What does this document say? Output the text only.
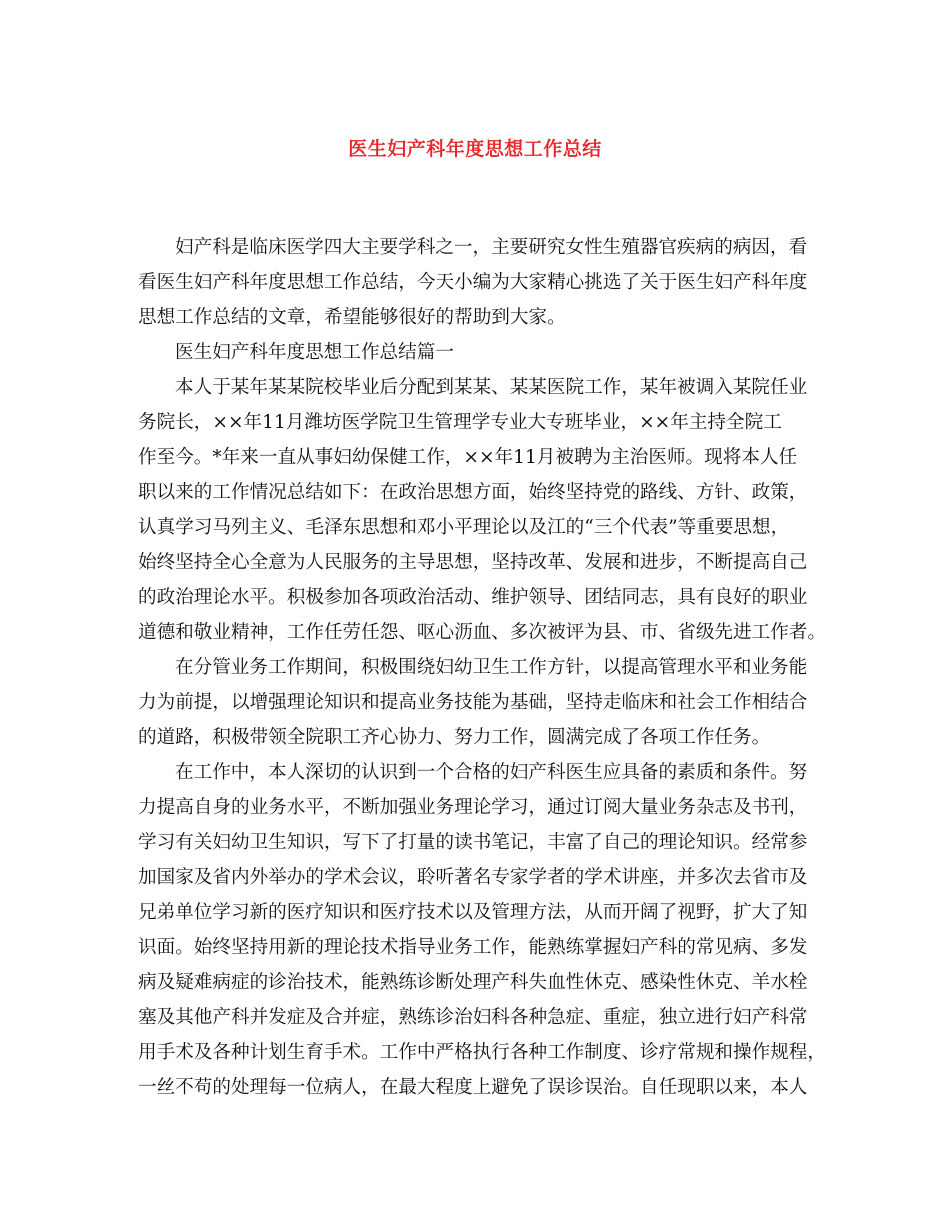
医生妇产科年度思想工作总结

妇产科是临床医学四大主要学科之一，主要研究女性生殖器官疾病的病因，看
看医生妇产科年度思想工作总结，今天小编为大家精心挑选了关于医生妇产科年度
思想工作总结的文章，希望能够很好的帮助到大家。

医生妇产科年度思想工作总结篇一

本人于某年某某院校毕业后分配到某某、某某医院工作，某年被调入某院任业
务院长，××年11月潍坊医学院卫生管理学专业大专班毕业，××年主持全院工
作至今。*年来一直从事妇幼保健工作，××年11月被聘为主治医师。现将本人任
职以来的工作情况总结如下：在政治思想方面，始终坚持党的路线、方针、政策，
认真学习马列主义、毛泽东思想和邓小平理论以及江的“三个代表”等重要思想，
始终坚持全心全意为人民服务的主导思想，坚持改革、发展和进步，不断提高自己
的政治理论水平。积极参加各项政治活动、维护领导、团结同志，具有良好的职业
道德和敬业精神，工作任劳任怨、呕心沥血、多次被评为县、市、省级先进工作者。

在分管业务工作期间，积极围绕妇幼卫生工作方针，以提高管理水平和业务能
力为前提，以增强理论知识和提高业务技能为基础，坚持走临床和社会工作相结合
的道路，积极带领全院职工齐心协力、努力工作，圆满完成了各项工作任务。

在工作中，本人深切的认识到一个合格的妇产科医生应具备的素质和条件。努
力提高自身的业务水平，不断加强业务理论学习，通过订阅大量业务杂志及书刊，
学习有关妇幼卫生知识，写下了打量的读书笔记，丰富了自己的理论知识。经常参
加国家及省内外举办的学术会议，聆听著名专家学者的学术讲座，并多次去省市及
兄弟单位学习新的医疗知识和医疗技术以及管理方法，从而开阔了视野，扩大了知
识面。始终坚持用新的理论技术指导业务工作，能熟练掌握妇产科的常见病、多发
病及疑难病症的诊治技术，能熟练诊断处理产科失血性休克、感染性休克、羊水栓
塞及其他产科并发症及合并症，熟练诊治妇科各种急症、重症，独立进行妇产科常
用手术及各种计划生育手术。工作中严格执行各种工作制度、诊疗常规和操作规程，
一丝不苟的处理每一位病人，在最大程度上避免了误诊误治。自任现职以来，本人
